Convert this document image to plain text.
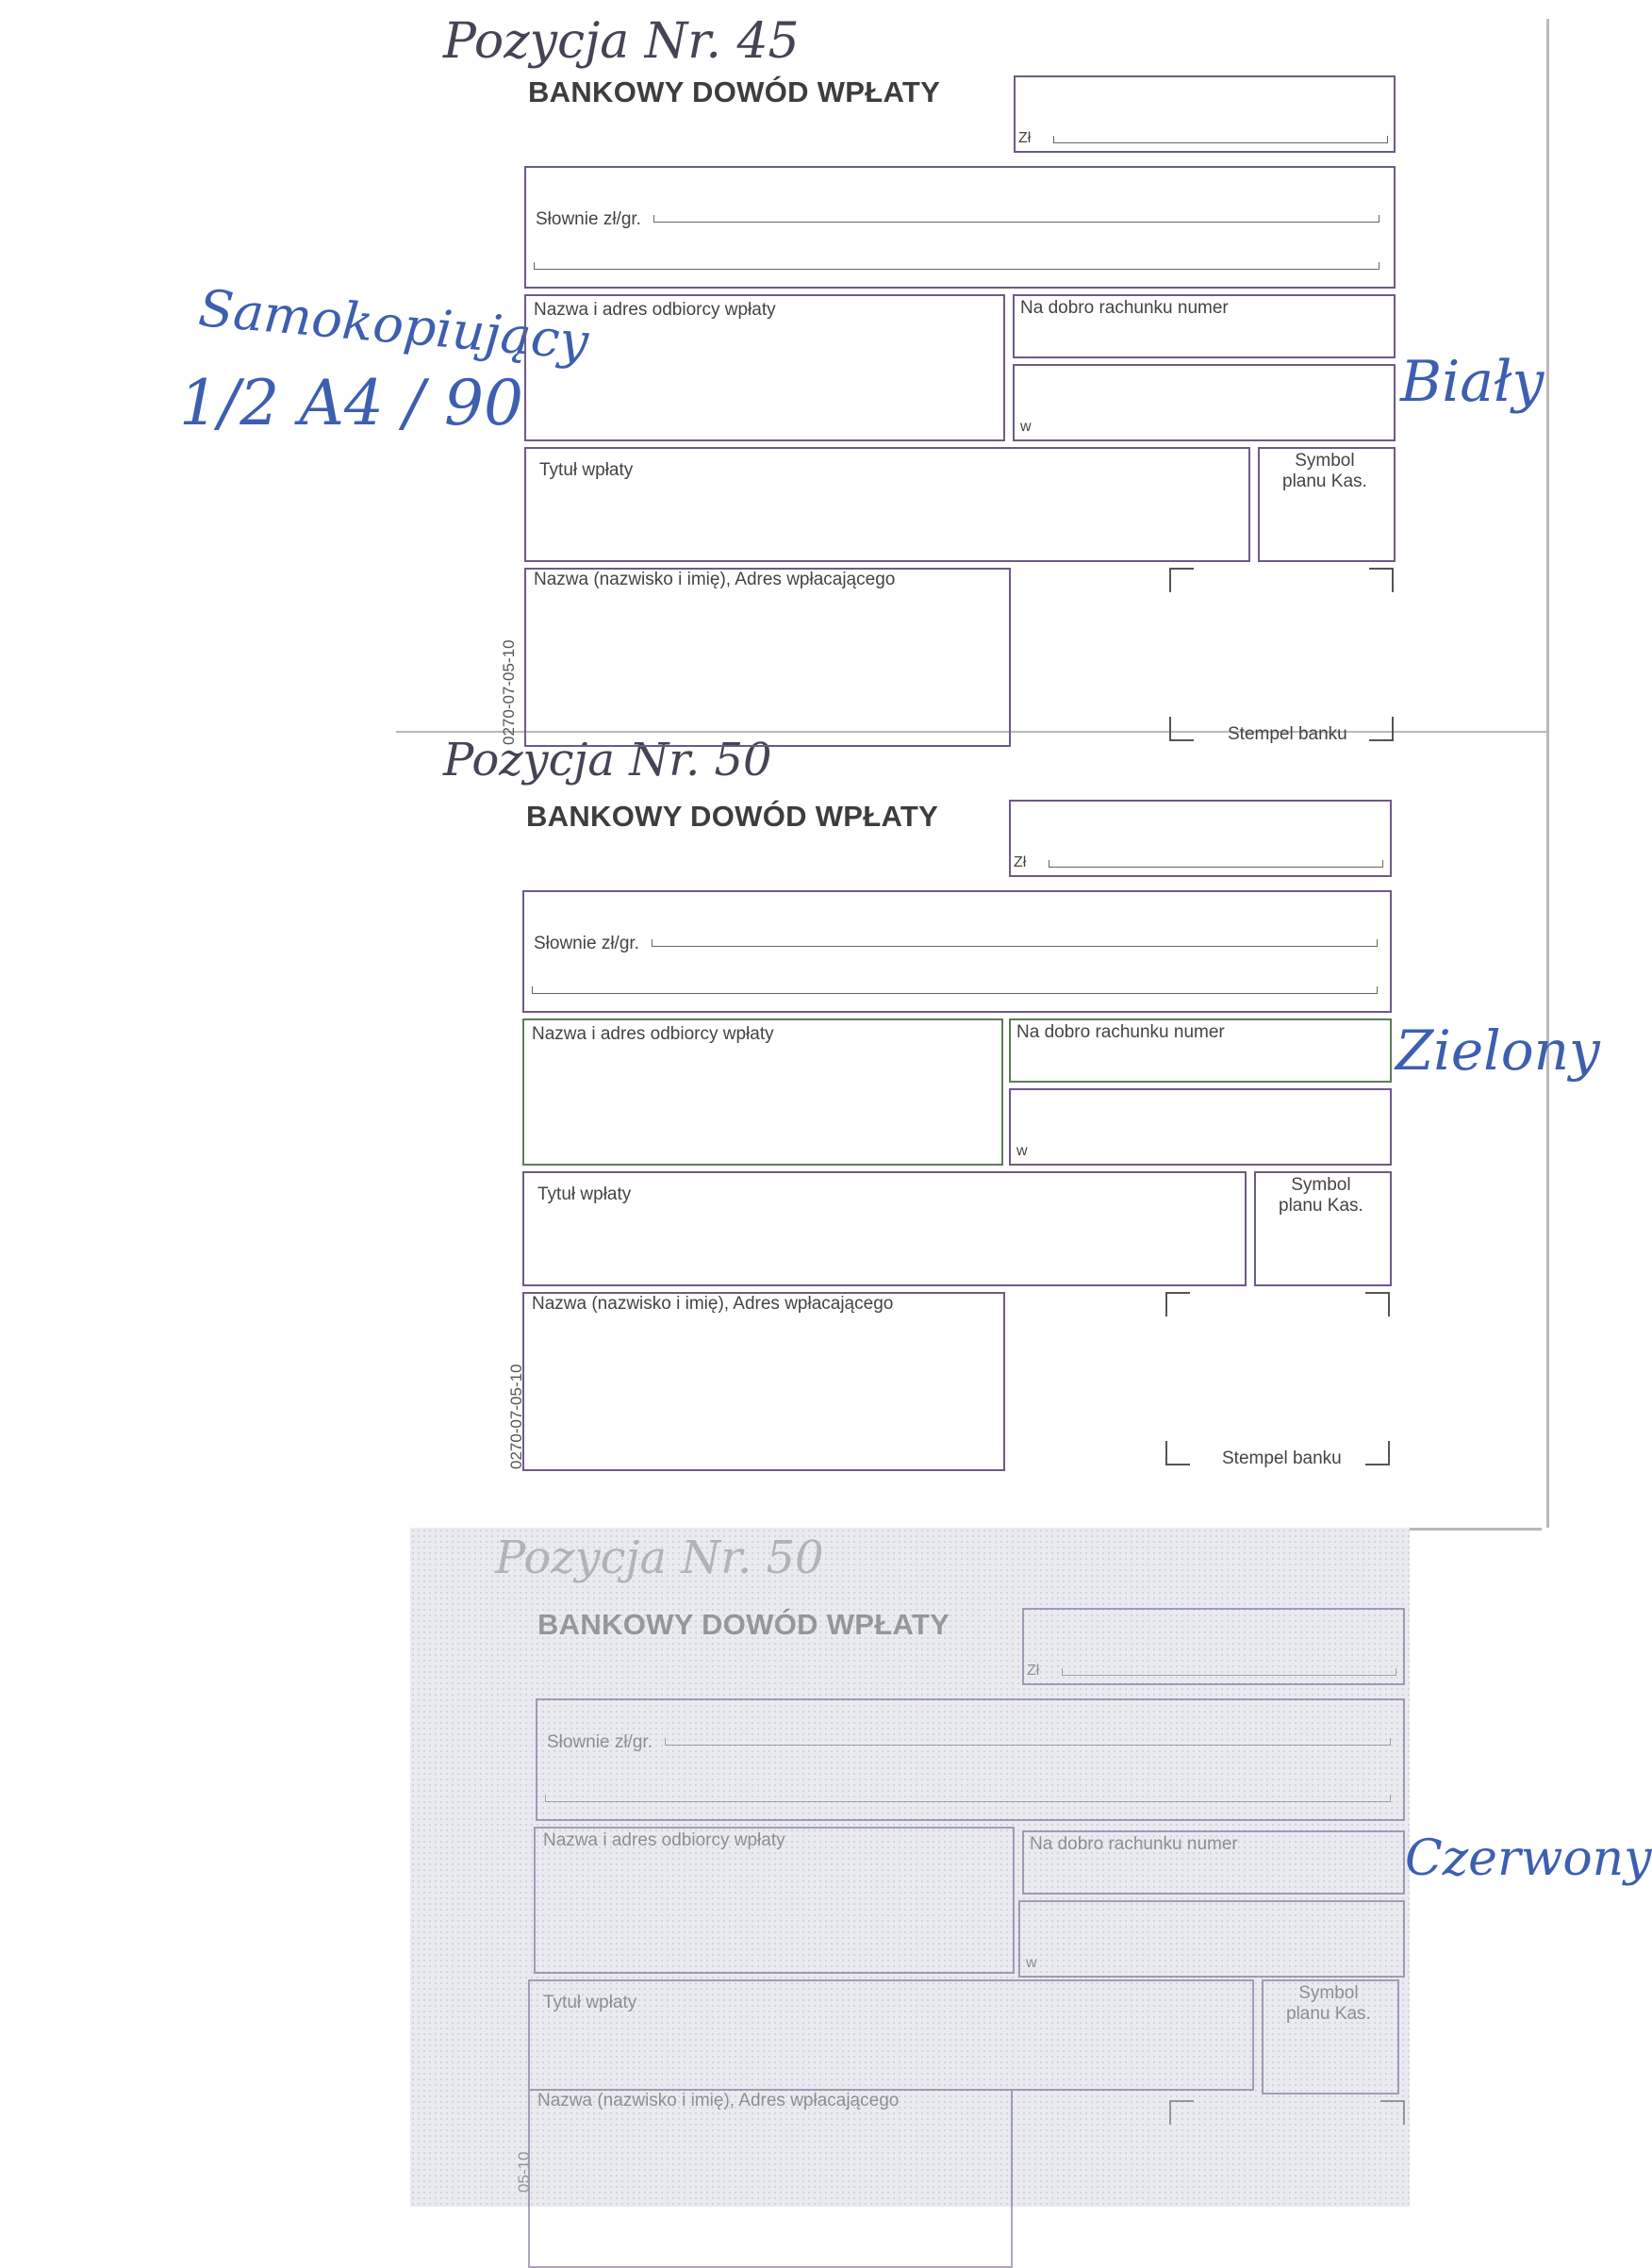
Pozycja Nr. 45
Pozycja Nr. 50
Pozycja Nr. 50
Samokopiujący
1/2 A4 / 90	Biały
Zielony
Czerwony
BANKOWY DOWÓD WPŁATY
Zł
Słownie zł/gr.
Nazwa i adres odbiorcy wpłaty	Na dobro rachunku numer
w
Tytuł wpłaty	Symbol
planu Kas.
Nazwa (nazwisko i imię), Adres wpłacającego
0270-07-05-10	Stempel banku
BANKOWY DOWÓD WPŁATY
Zł
Słownie zł/gr.
Nazwa i adres odbiorcy wpłaty	Na dobro rachunku numer
w
Tytuł wpłaty	Symbol
planu Kas.
Nazwa (nazwisko i imię), Adres wpłacającego
0270-07-05-10	Stempel banku
BANKOWY DOWÓD WPŁATY
Zł
Słownie zł/gr.
Nazwa i adres odbiorcy wpłaty	Na dobro rachunku numer
w
Tytuł wpłaty	Symbol
planu Kas.
Nazwa (nazwisko i imię), Adres wpłacającego
05-10
